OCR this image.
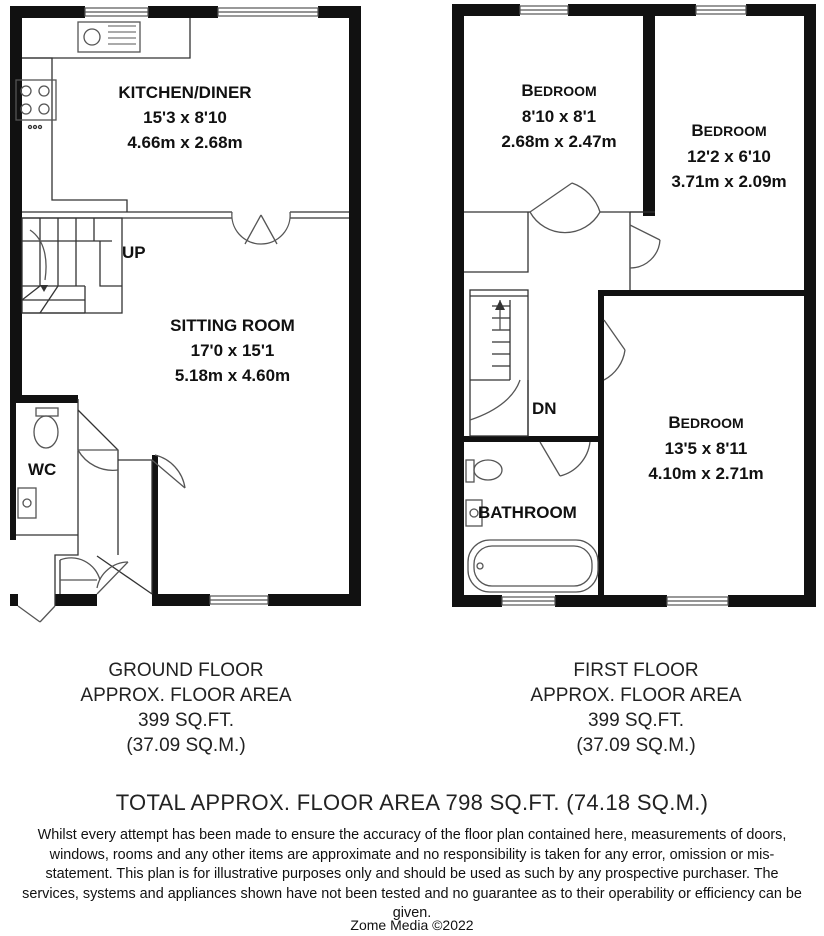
KITCHEN/DINER
15'3 x 8'10
4.66m x 2.68m
SITTING ROOM
17'0 x 15'1
5.18m x 4.60m
WC
UP
BEDROOM
8'10 x 8'1
2.68m x 2.47m
BEDROOM
12'2 x 6'10
3.71m x 2.09m
BEDROOM
13'5 x 8'11
4.10m x 2.71m
BATHROOM
DN
GROUND FLOOR
APPROX. FLOOR AREA
399 SQ.FT.
(37.09 SQ.M.)
FIRST FLOOR
APPROX. FLOOR AREA
399 SQ.FT.
(37.09 SQ.M.)
TOTAL APPROX. FLOOR AREA 798 SQ.FT. (74.18 SQ.M.)
Whilst every attempt has been made to ensure the accuracy of the floor plan contained here, measurements of doors, windows, rooms and any other items are approximate and no responsibility is taken for any error, omission or mis-statement. This plan is for illustrative purposes only and should be used as such by any prospective purchaser. The services, systems and appliances shown have not been tested and no guarantee as to their operability or efficiency can be given.
Zome Media ©2022
